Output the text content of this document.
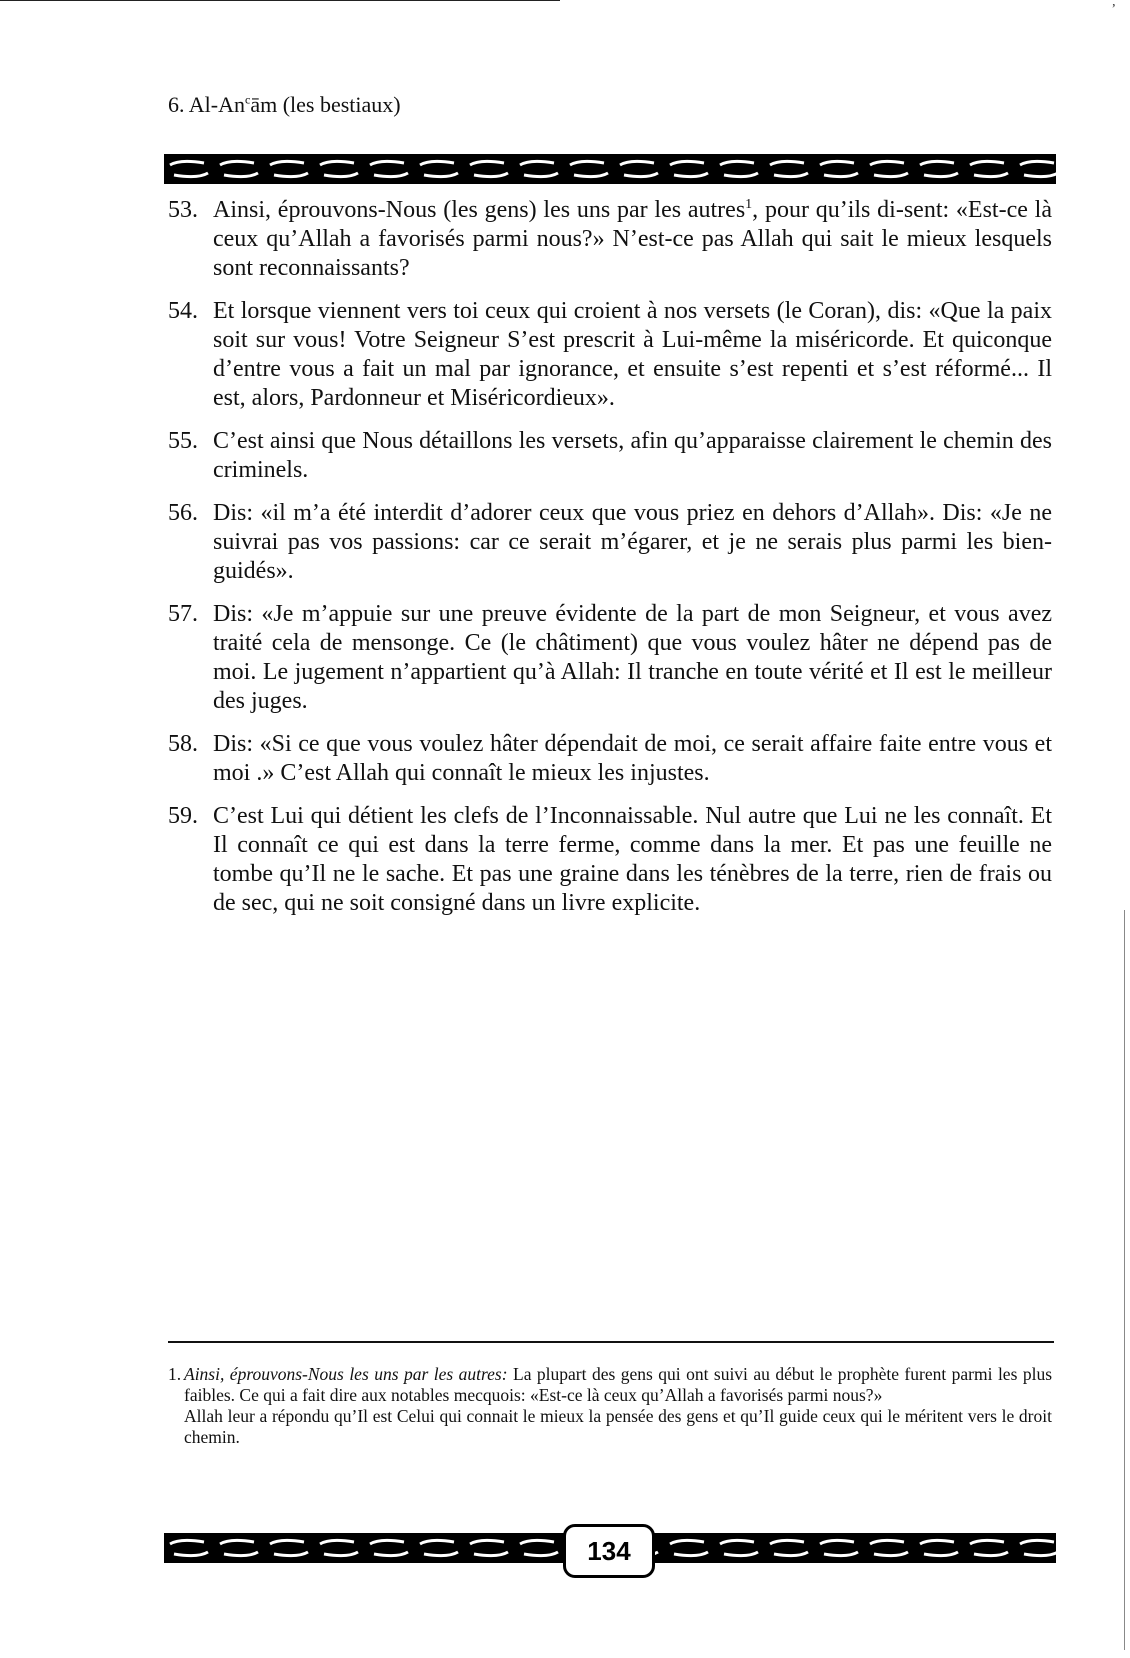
ʼ
6. Al-An$^c$ām (les bestiaux)
53. Ainsi, éprouvons-Nous (les gens) les uns par les autres$^1$, pour qu’ils di-sent: «Est-ce là ceux qu’Allah a favorisés parmi nous?» N’est-ce pas Allah qui sait le mieux lesquels sont reconnaissants?

54. Et lorsque viennent vers toi ceux qui croient à nos versets (le Coran), dis: «Que la paix soit sur vous! Votre Seigneur S’est prescrit à Lui-même la miséricorde. Et quiconque d’entre vous a fait un mal par ignorance, et ensuite s’est repenti et s’est réformé... Il est, alors, Pardonneur et Miséricordieux».

55. C’est ainsi que Nous détaillons les versets, afin qu’apparaisse clairement le chemin des criminels.

56. Dis: «il m’a été interdit d’adorer ceux que vous priez en dehors d’Allah». Dis: «Je ne suivrai pas vos passions: car ce serait m’égarer, et je ne serais plus parmi les bien-guidés».

57. Dis: «Je m’appuie sur une preuve évidente de la part de mon Seigneur, et vous avez traité cela de mensonge. Ce (le châtiment) que vous voulez hâter ne dépend pas de moi. Le jugement n’appartient qu’à Allah: Il tranche en toute vérité et Il est le meilleur des juges.

58. Dis: «Si ce que vous voulez hâter dépendait de moi, ce serait affaire faite entre vous et moi .» C’est Allah qui connaît le mieux les injustes.

59. C’est Lui qui détient les clefs de l’Inconnaissable. Nul autre que Lui ne les connaît. Et Il connaît ce qui est dans la terre ferme, comme dans la mer. Et pas une feuille ne tombe qu’Il ne le sache. Et pas une graine dans les ténèbres de la terre, rien de frais ou de sec, qui ne soit consigné dans un livre explicite.

1. Ainsi, éprouvons-Nous les uns par les autres: La plupart des gens qui ont suivi au début le prophète furent parmi les plus faibles. Ce qui a fait dire aux notables mecquois: «Est-ce là ceux qu’Allah a favorisés parmi nous?»

Allah leur a répondu qu’Il est Celui qui connait le mieux la pensée des gens et qu’Il guide ceux qui le méritent vers le droit chemin.

134
